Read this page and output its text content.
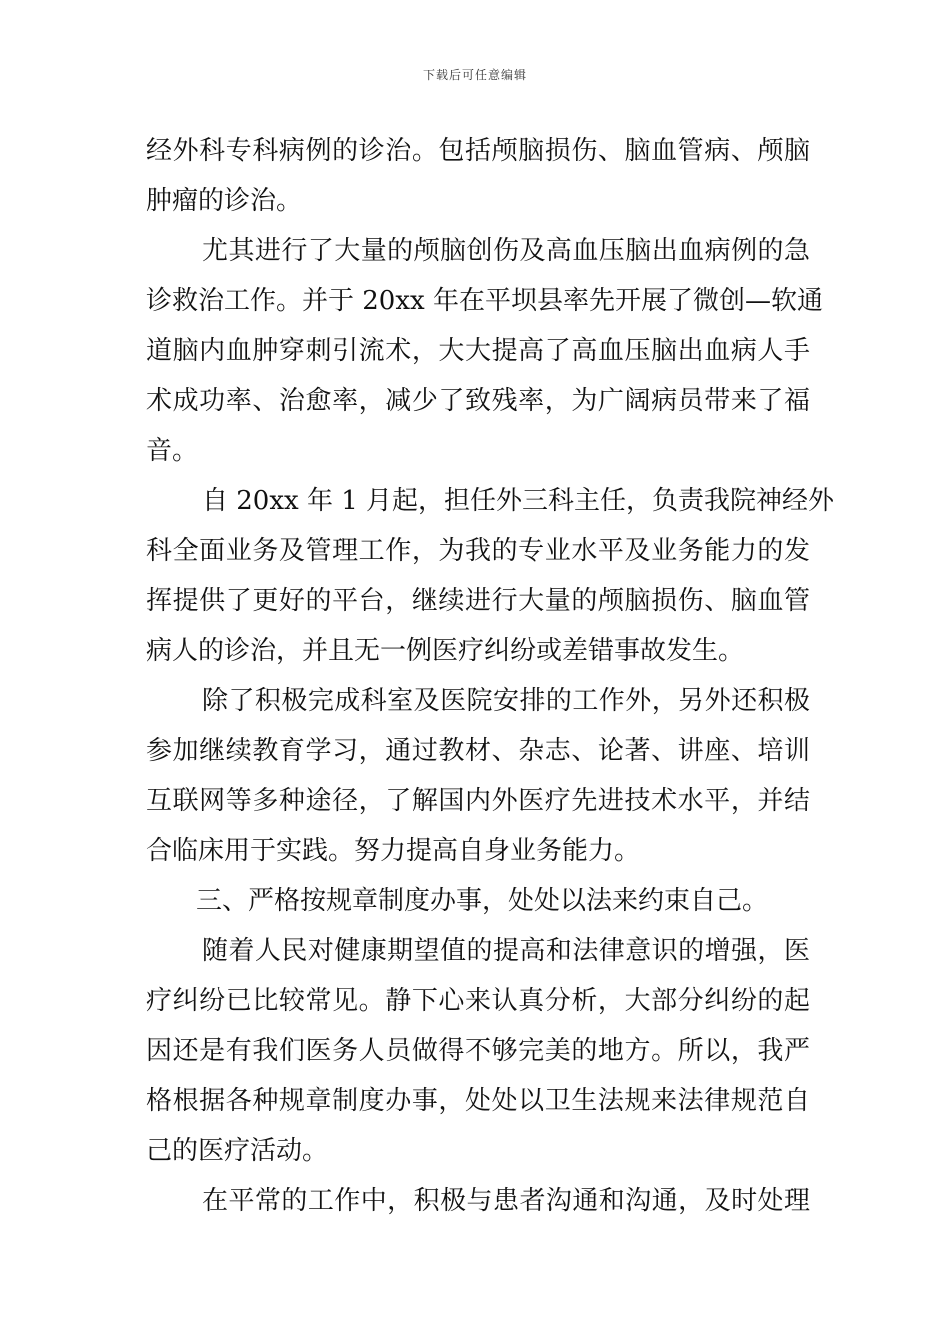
下载后可任意编辑
经外科专科病例的诊治。包括颅脑损伤、脑血管病、颅脑
肿瘤的诊治。
尤其进行了大量的颅脑创伤及高血压脑出血病例的急
诊救治工作。并于 20xx 年在平坝县率先开展了微创—软通
道脑内血肿穿刺引流术，大大提高了高血压脑出血病人手
术成功率、治愈率，减少了致残率，为广阔病员带来了福
音。
自 20xx 年 1 月起，担任外三科主任，负责我院神经外
科全面业务及管理工作，为我的专业水平及业务能力的发
挥提供了更好的平台，继续进行大量的颅脑损伤、脑血管
病人的诊治，并且无一例医疗纠纷或差错事故发生。
除了积极完成科室及医院安排的工作外，另外还积极
参加继续教育学习，通过教材、杂志、论著、讲座、培训
互联网等多种途径，了解国内外医疗先进技术水平，并结
合临床用于实践。努力提高自身业务能力。
三、严格按规章制度办事，处处以法来约束自己。
随着人民对健康期望值的提高和法律意识的增强，医
疗纠纷已比较常见。静下心来认真分析，大部分纠纷的起
因还是有我们医务人员做得不够完美的地方。所以，我严
格根据各种规章制度办事，处处以卫生法规来法律规范自
己的医疗活动。
在平常的工作中，积极与患者沟通和沟通，及时处理
